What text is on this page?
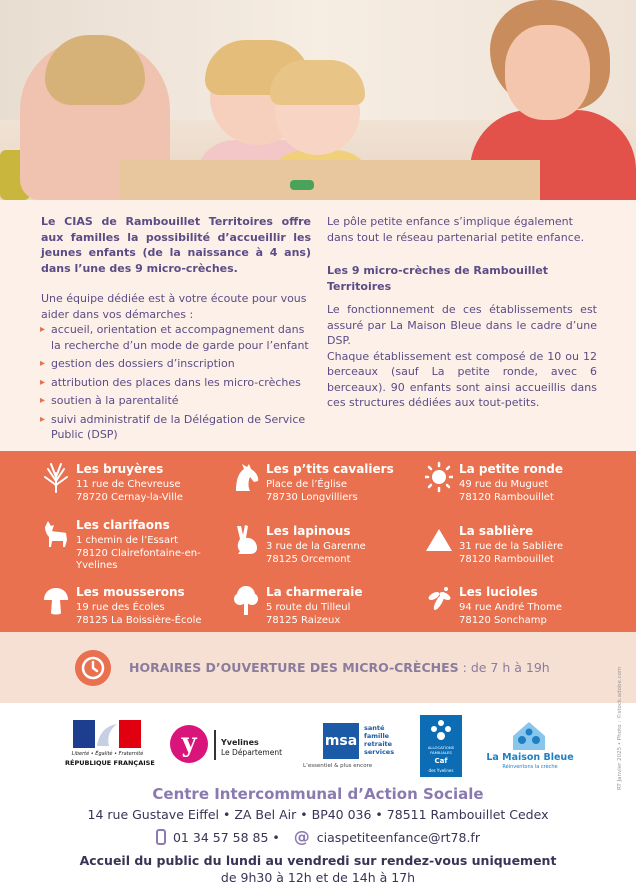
Le CIAS de Rambouillet Territoires offre aux familles la possibilité d’accueillir les jeunes enfants (de la naissance à 4 ans) dans l’une des 9 micro-crèches.

Une équipe dédiée est à votre écoute pour vous aider dans vos démarches :

▸ accueil, orientation et accompagnement dans la recherche d’un mode de garde pour l’enfant
▸ gestion des dossiers d’inscription
▸ attribution des places dans les micro-crèches
▸ soutien à la parentalité
▸ suivi administratif de la Délégation de Service Public (DSP)

Le pôle petite enfance s’implique également dans tout le réseau partenarial petite enfance.

Les 9 micro-crèches de Rambouillet Territoires

Le fonctionnement de ces établissements est assuré par La Maison Bleue dans le cadre d’une DSP.

Chaque établissement est composé de 10 ou 12 berceaux (sauf La petite ronde, avec 6 berceaux). 90 enfants sont ainsi accueillis dans ces structures dédiées aux tout-petits.

Les bruyères
11 rue de Chevreuse
78720 Cernay-la-Ville
Les p’tits cavaliers
Place de l’Église
78730 Longvilliers
La petite ronde
49 rue du Muguet
78120 Rambouillet
Les clarifaons
1 chemin de l’Essart
78120 Clairefontaine-en-
Yvelines
Les lapinous
3 rue de la Garenne
78125 Orcemont
La sablière
31 rue de la Sablière
78120 Rambouillet
Les mousserons
19 rue des Écoles
78125 La Boissière-École
La charmeraie
5 route du Tilleul
78125 Raizeux
Les lucioles
94 rue André Thome
78120 Sonchamp
HORAIRES D’OUVERTURE DES MICRO-CRÈCHES : de 7 h à 19h
Liberté • Égalité • Fraternité
RÉPUBLIQUE FRANÇAISE
y	Yvelines
Le Département
msa
santé
famille
retraite
services
L’essentiel & plus encore
ALLOCATIONS FAMILIALES
Caf
des Yvelines
La Maison Bleue
Réinventons la crèche
Centre Intercommunal d’Action Sociale
14 rue Gustave Eiffel • ZA Bel Air • BP40 036 • 78511 Rambouillet Cedex
01 34 57 58 85 • @ ciaspetiteenfance@rt78.fr
Accueil du public du lundi au vendredi sur rendez-vous uniquement
de 9h30 à 12h et de 14h à 17h
RT Janvier 2025 • Photo : ©stock.adobe.com
